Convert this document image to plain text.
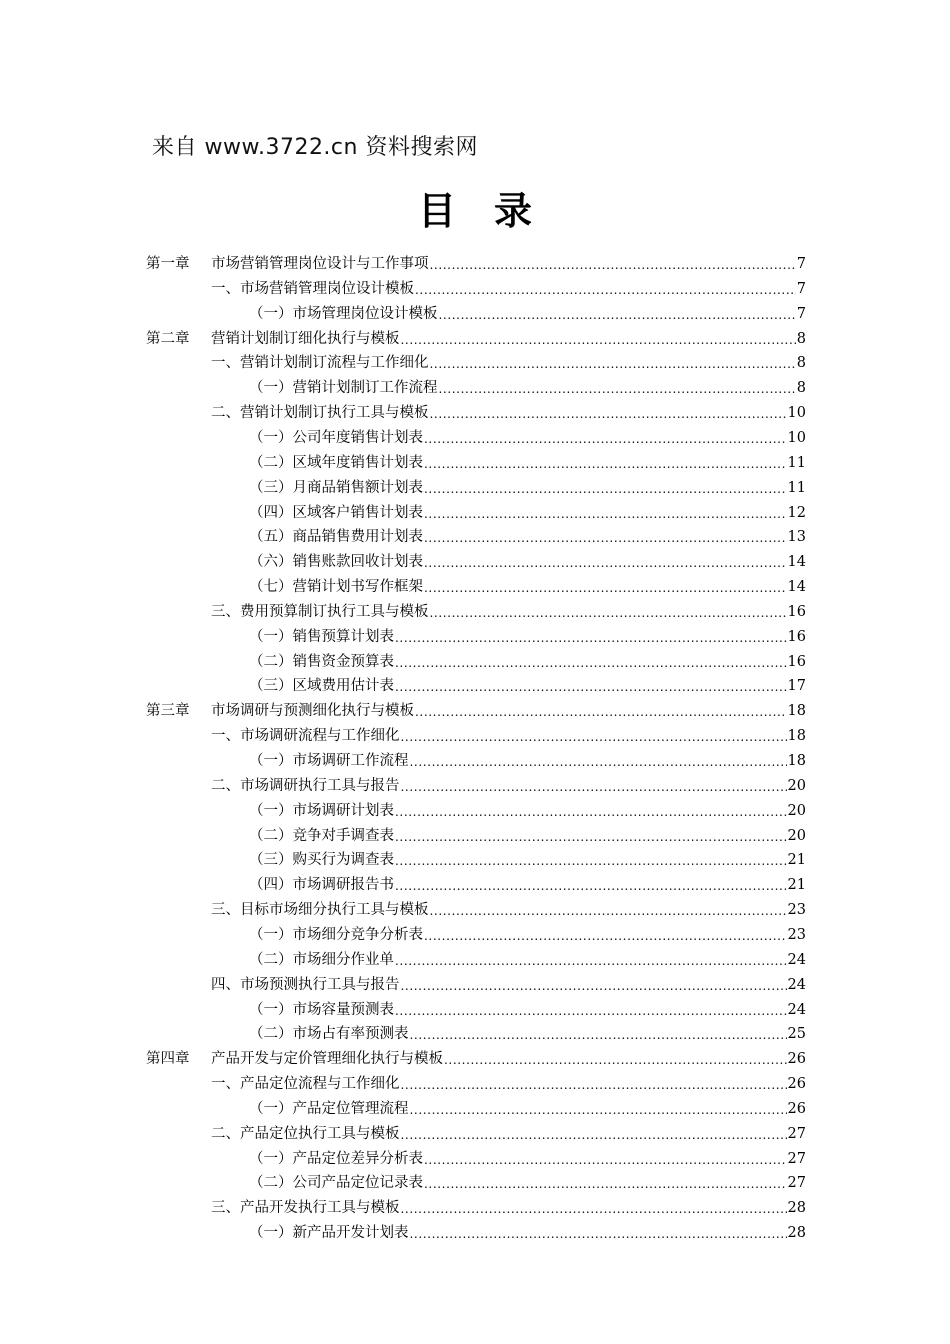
来自 www.3722.cn 资料搜索网
目　录
第一章	市场营销管理岗位设计与工作事项 .....	7
一、市场营销管理岗位设计模板 .....	7
（一）市场管理岗位设计模板 .....	7
第二章	营销计划制订细化执行与模板 .....	8
一、营销计划制订流程与工作细化 .....	8
（一）营销计划制订工作流程 .....	8
二、营销计划制订执行工具与模板 .....	10
（一）公司年度销售计划表 .....	10
（二）区域年度销售计划表 .....	11
（三）月商品销售额计划表 .....	11
（四）区域客户销售计划表 .....	12
（五）商品销售费用计划表 .....	13
（六）销售账款回收计划表 .....	14
（七）营销计划书写作框架 .....	14
三、费用预算制订执行工具与模板 .....	16
（一）销售预算计划表 .....	16
（二）销售资金预算表 .....	16
（三）区域费用估计表 .....	17
第三章	市场调研与预测细化执行与模板 .....	18
一、市场调研流程与工作细化 .....	18
（一）市场调研工作流程 .....	18
二、市场调研执行工具与报告 .....	20
（一）市场调研计划表 .....	20
（二）竞争对手调查表 .....	20
（三）购买行为调查表 .....	21
（四）市场调研报告书 .....	21
三、目标市场细分执行工具与模板 .....	23
（一）市场细分竞争分析表 .....	23
（二）市场细分作业单 .....	24
四、市场预测执行工具与报告 .....	24
（一）市场容量预测表 .....	24
（二）市场占有率预测表 .....	25
第四章	产品开发与定价管理细化执行与模板 .....	26
一、产品定位流程与工作细化 .....	26
（一）产品定位管理流程 .....	26
二、产品定位执行工具与模板 .....	27
（一）产品定位差异分析表 .....	27
（二）公司产品定位记录表 .....	27
三、产品开发执行工具与模板 .....	28
（一）新产品开发计划表 .....	28
